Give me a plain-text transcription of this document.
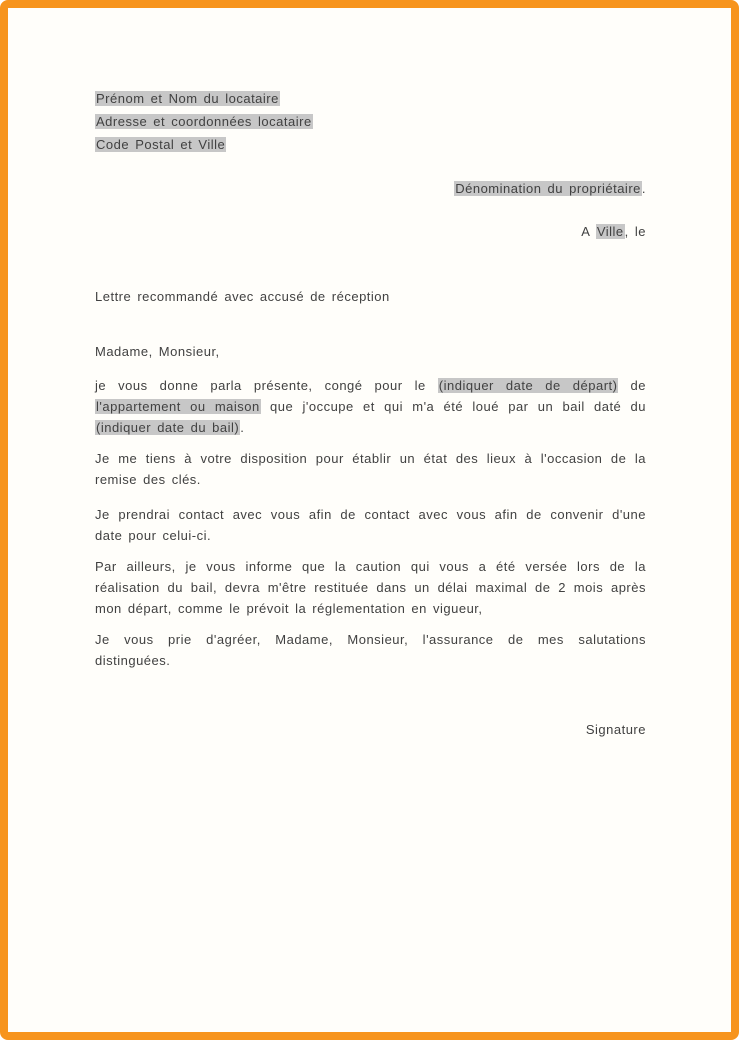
Prénom et Nom du locataire
Adresse et coordonnées locataire
Code Postal et Ville
Dénomination du propriétaire.
A Ville, le
Lettre recommandé avec accusé de réception
Madame, Monsieur,
je vous donne parla présente, congé pour le (indiquer date de départ) de l'appartement ou maison que j'occupe et qui m'a été loué par un bail daté du (indiquer date du bail).
Je me tiens à votre disposition pour établir un état des lieux à l'occasion de la remise des clés.
Je prendrai contact avec vous afin de contact avec vous afin de convenir d'une date pour celui-ci.
Par ailleurs, je vous informe que la caution qui vous a été versée lors de la réalisation du bail, devra m'être restituée dans un délai maximal de 2 mois après mon départ, comme le prévoit la réglementation en vigueur,
Je vous prie d'agréer, Madame, Monsieur, l'assurance de mes salutations distinguées.
Signature
